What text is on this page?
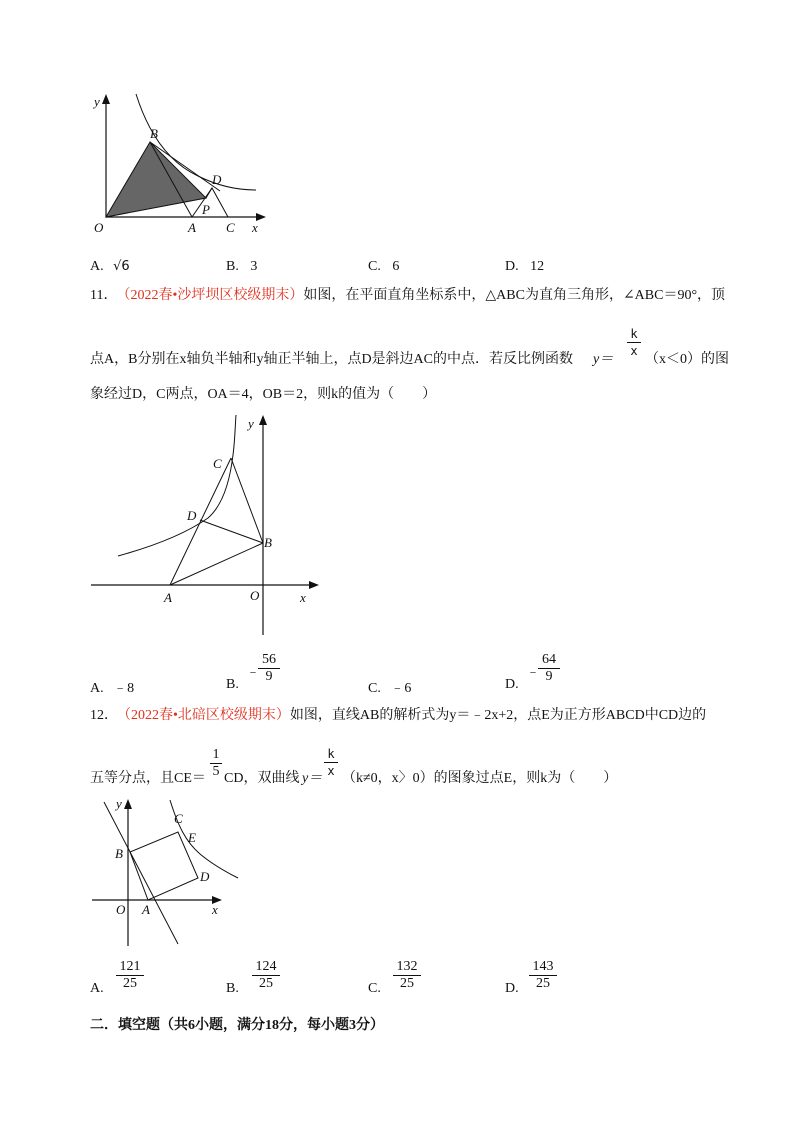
y
B
D
P
O	A C x
A. √6	B. 3	C. 6	D. 12
11． （2022春•沙坪坝区校级期末）如图，在平面直角坐标系中，△ABC为直角三角形，∠ABC＝90°，顶
点A，B分别在x轴负半轴和y轴正半轴上，点D是斜边AC的中点．若反比例函数 y＝
k
x
（x＜0）的图
象经过D，C两点，OA＝4，OB＝2，则k的值为（　　）
y
C
D
B
A	O	x
A. ﹣8	B.
﹣
56
9
C. ﹣6	D.
﹣
64
9
12． （2022春•北碚区校级期末）如图，直线AB的解析式为y＝﹣2x+2，点E为正方形ABCD中CD边的
五等分点，且CE＝
1
5 CD，双曲线 y＝
k
x （k≠0，x〉0）的图象过点E，则k为（　　）
y
C
E
B
D
O A	x
A.
121
25	B.
124
25	C.
132
25	D.
143
25
二．填空题（共6小题，满分18分，每小题3分）
